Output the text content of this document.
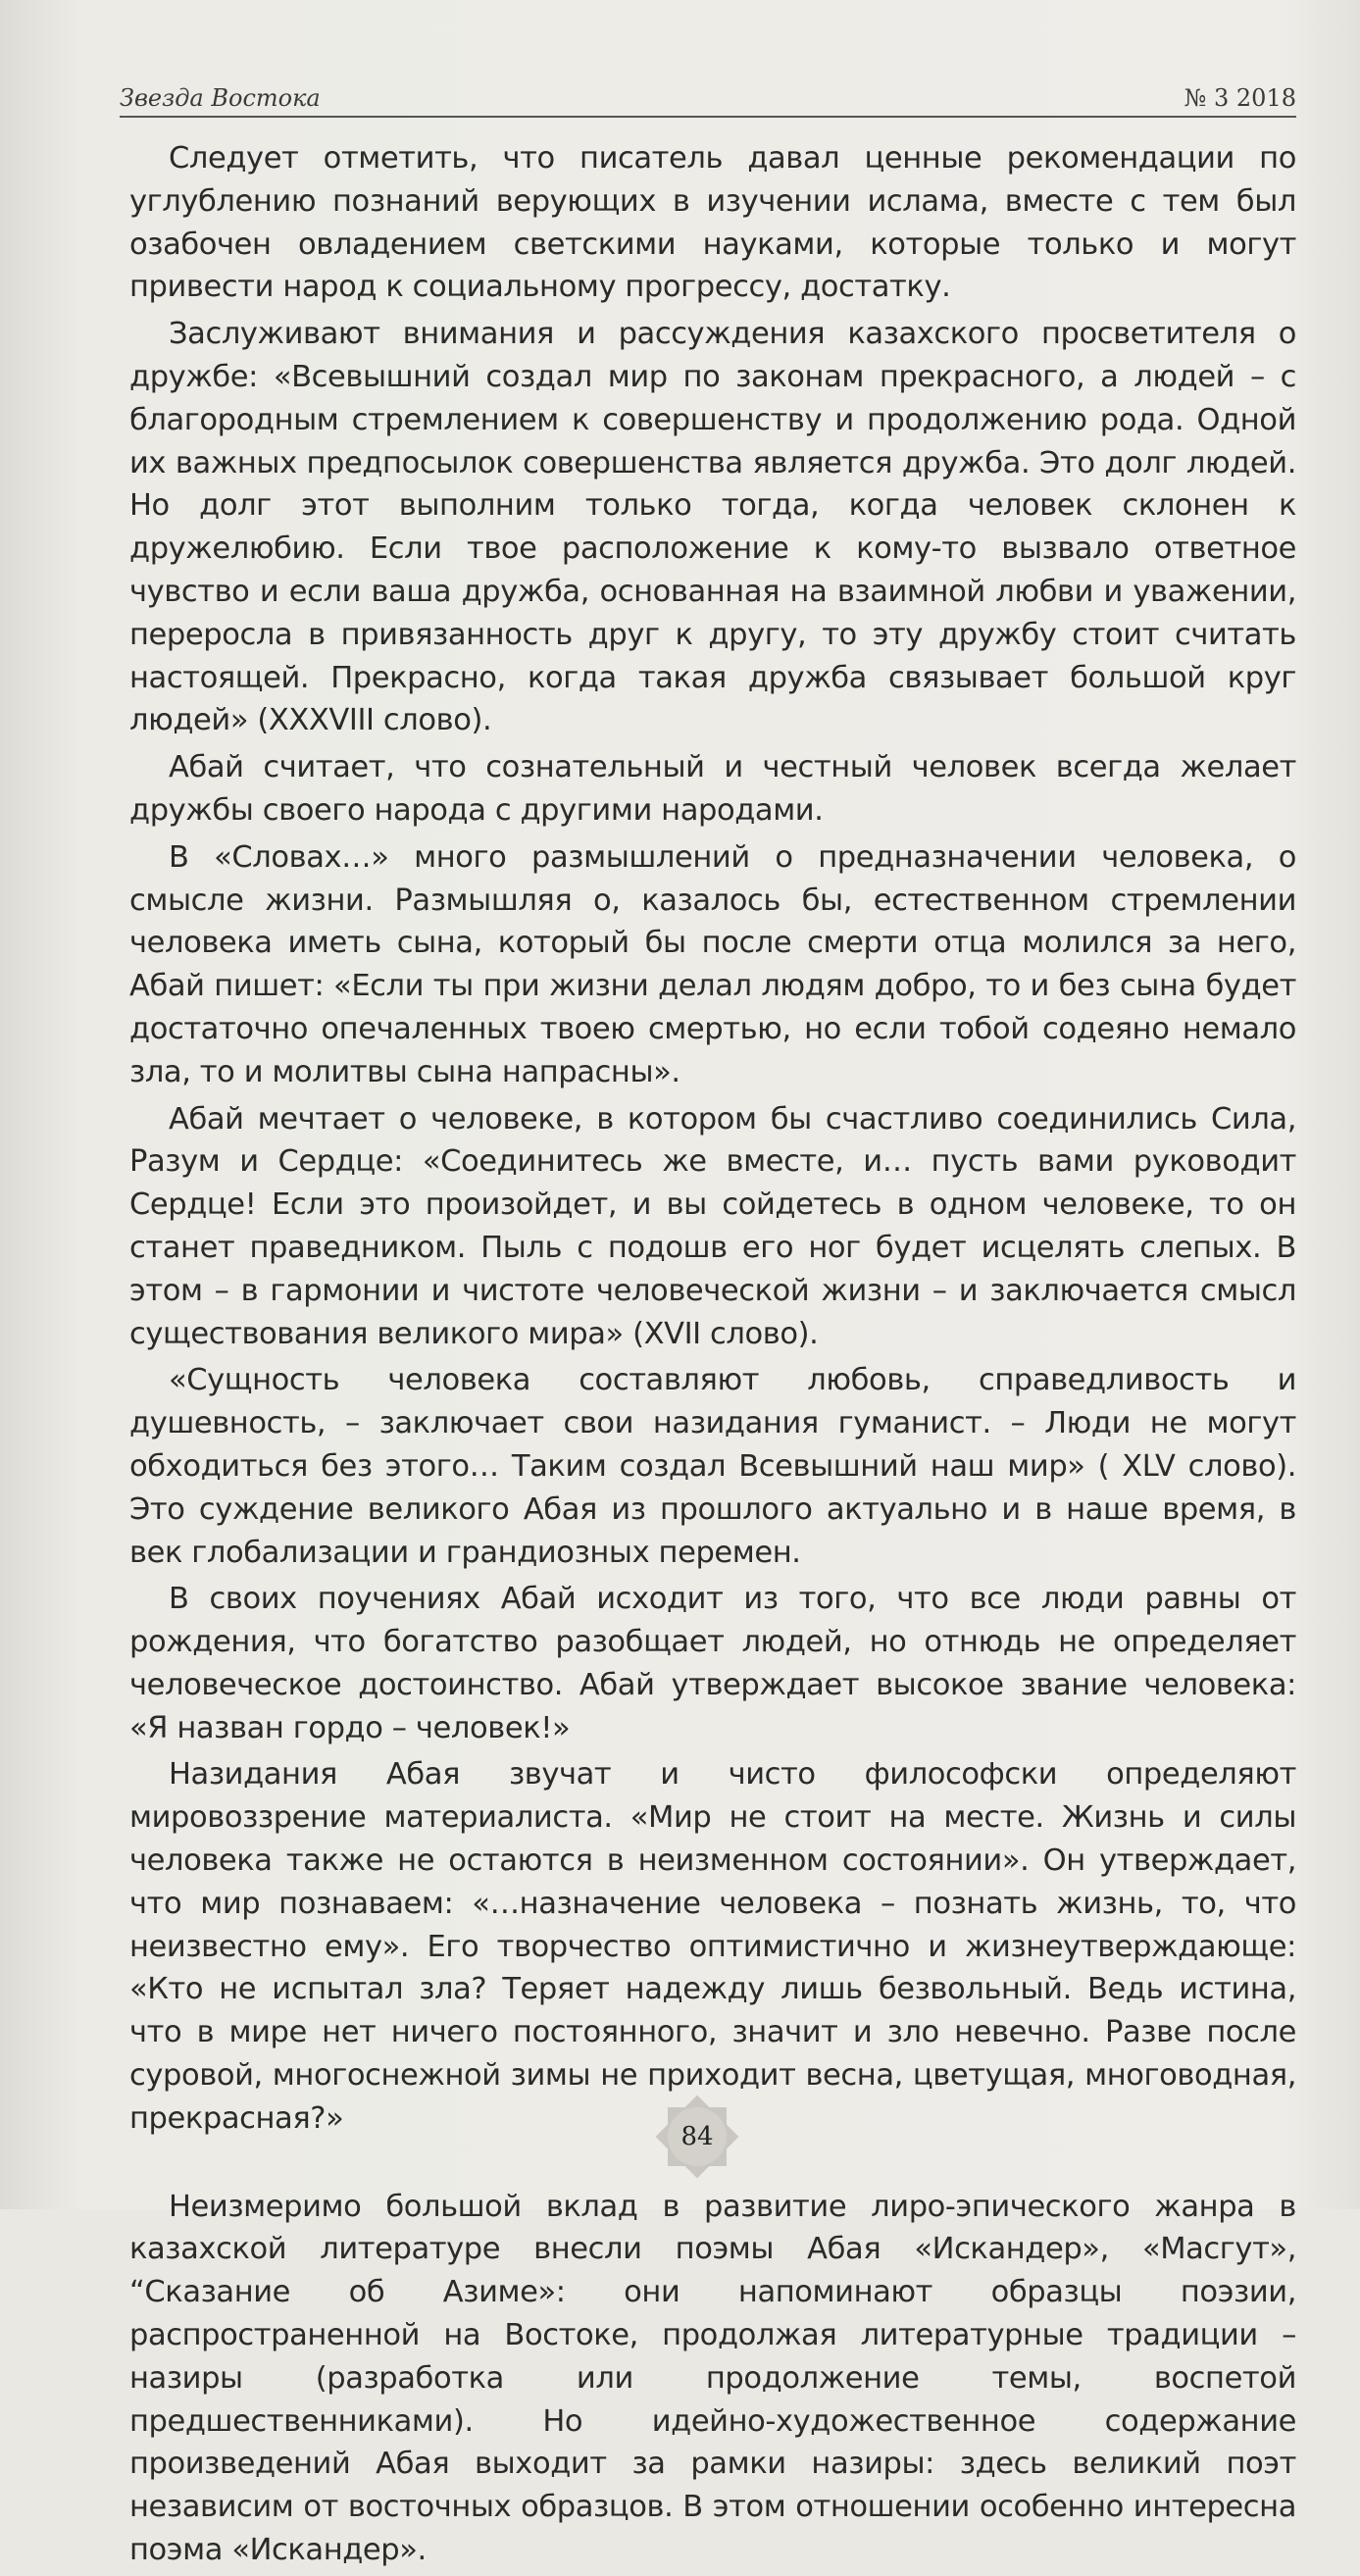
Звезда Востока	№ 3 2018

Следует отметить, что писатель давал ценные рекомендации по углублению познаний верующих в изучении ислама, вместе с тем был озабочен овладением светскими науками, которые только и могут привести народ к социальному прогрессу, достатку.

Заслуживают внимания и рассуждения казахского просветителя о дружбе: «Всевышний создал мир по законам прекрасного, а людей – с благородным стремлением к совершенству и продолжению рода. Одной их важных предпосылок совершенства является дружба. Это долг людей. Но долг этот выполним только тогда, когда человек склонен к дружелюбию. Если твое расположение к кому-то вызвало ответное чувство и если ваша дружба, основанная на взаимной любви и уважении, переросла в привязанность друг к другу, то эту дружбу стоит считать настоящей. Прекрасно, когда такая дружба связывает большой круг людей» (XXXVIII слово).

Абай считает, что сознательный и честный человек всегда желает дружбы своего народа с другими народами.

В «Словах…» много размышлений о предназначении человека, о смысле жизни. Размышляя о, казалось бы, естественном стремлении человека иметь сына, который бы после смерти отца молился за него, Абай пишет: «Если ты при жизни делал людям добро, то и без сына будет достаточно опечаленных твоею смертью, но если тобой содеяно немало зла, то и молитвы сына напрасны».

Абай мечтает о человеке, в котором бы счастливо соединились Сила, Разум и Сердце: «Соединитесь же вместе, и… пусть вами руководит Сердце! Если это произойдет, и вы сойдетесь в одном человеке, то он станет праведником. Пыль с подошв его ног будет исцелять слепых. В этом – в гармонии и чистоте человеческой жизни – и заключается смысл существования великого мира» (XVII слово).

«Сущность человека составляют любовь, справедливость и душевность, – заключает свои назидания гуманист. – Люди не могут обходиться без этого… Таким создал Всевышний наш мир» ( XLV слово). Это суждение великого Абая из прошлого актуально и в наше время, в век глобализации и грандиозных перемен.

В своих поучениях Абай исходит из того, что все люди равны от рождения, что богатство разобщает людей, но отнюдь не определяет человеческое достоинство. Абай утверждает высокое звание человека: «Я назван гордо – человек!»

Назидания Абая звучат и чисто философски определяют мировоззрение материалиста. «Мир не стоит на месте. Жизнь и силы человека также не остаются в неизменном состоянии». Он утверждает, что мир познаваем: «…назначение человека – познать жизнь, то, что неизвестно ему». Его творчество оптимистично и жизнеутверждающе: «Кто не испытал зла? Теряет надежду лишь безвольный. Ведь истина, что в мире нет ничего постоянного, значит и зло невечно. Разве после суровой, многоснежной зимы не приходит весна, цветущая, многоводная, прекрасная?»

Неизмеримо большой вклад в развитие лиро-эпического жанра в казахской литературе внесли поэмы Абая «Искандер», «Масгут», “Сказание об Азиме»: они напоминают образцы поэзии, распространенной на Востоке, продолжая литературные традиции – назиры (разработка или продолжение темы, воспетой предшественниками). Но идейно-художественное содержание произведений Абая выходит за рамки назиры: здесь великий поэт независим от восточных образцов. В этом отношении особенно интересна поэма «Искандер».

84
